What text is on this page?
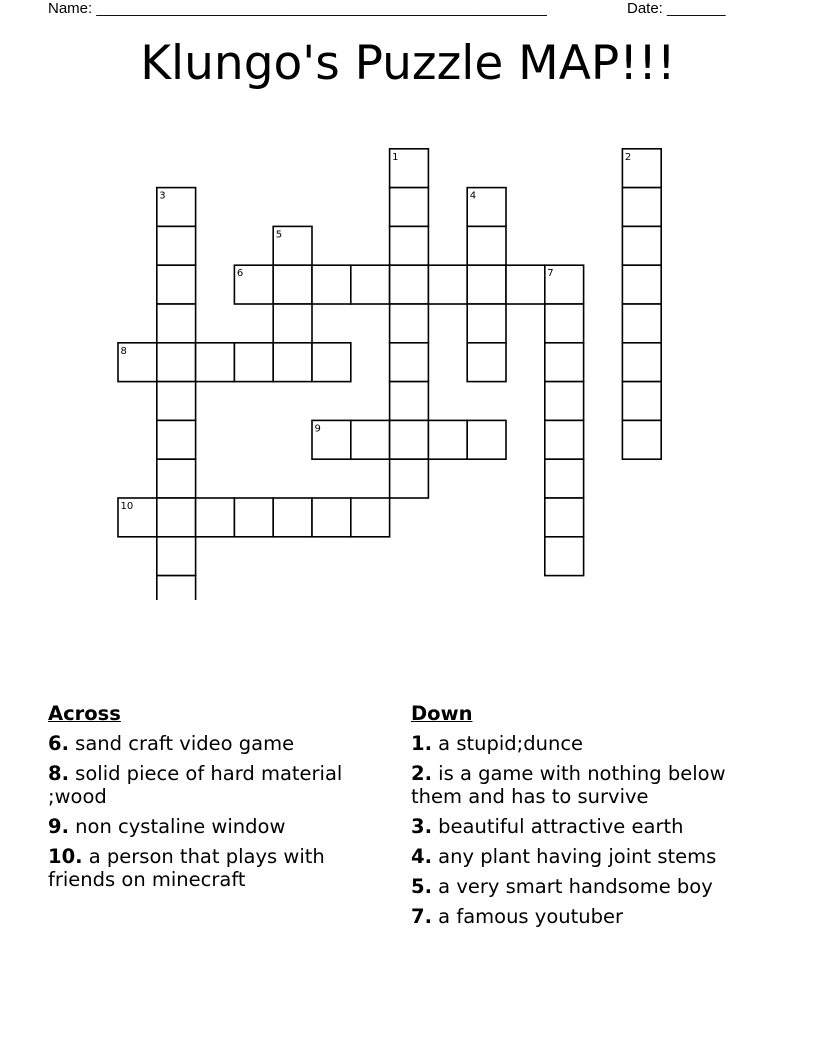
Name: ______________________________________________________	Date: _______
Klungo's Puzzle MAP!!!
1	2
3	4
5
6	7
8
9
10
Across
6. sand craft video game
8. solid piece of hard material ;wood
9. non cystaline window
10. a person that plays with friends on minecraft
Down
1. a stupid;dunce
2. is a game with nothing below them and has to survive
3. beautiful attractive earth
4. any plant having joint stems
5. a very smart handsome boy
7. a famous youtuber
